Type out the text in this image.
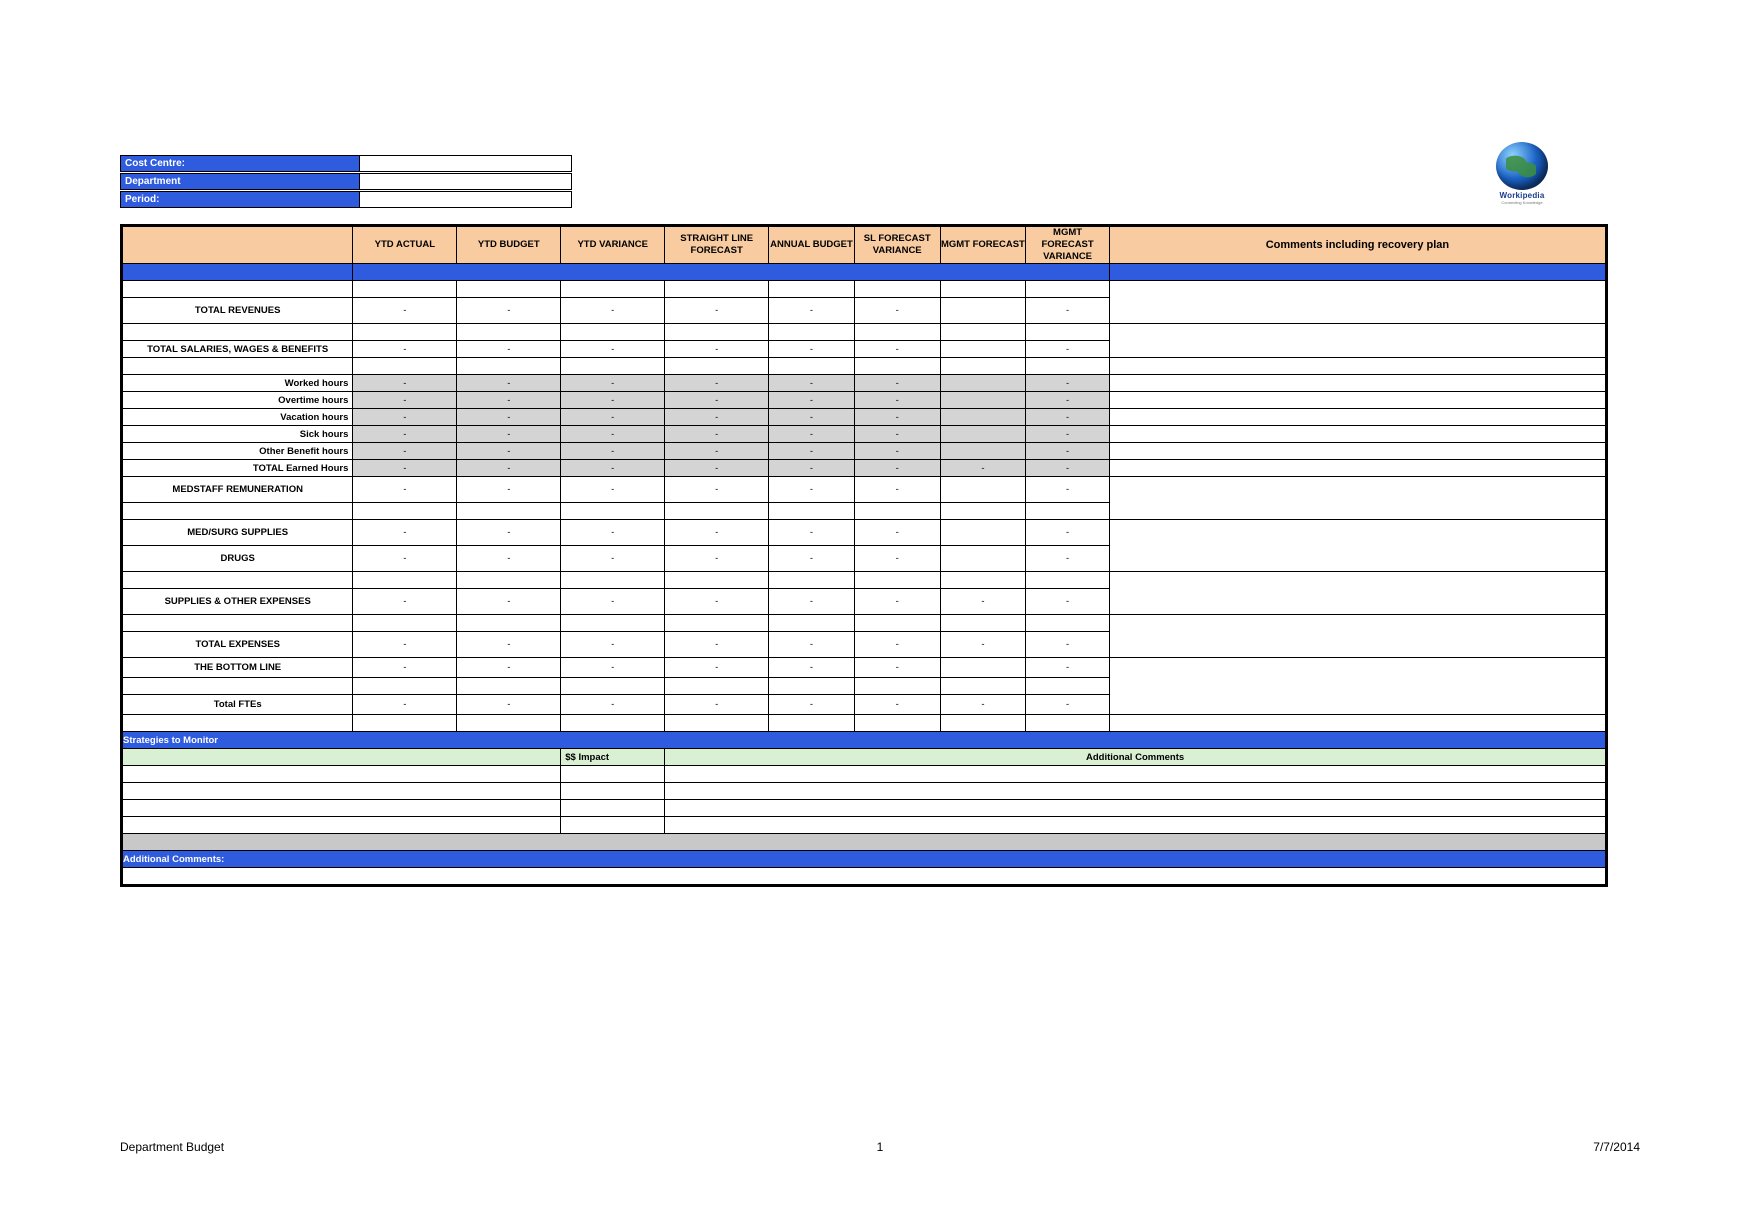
Cost Centre:
Department
Period:	Workipedia
Connecting Knowledge
	YTD ACTUAL	YTD BUDGET	YTD VARIANCE	STRAIGHT LINE FORECAST	ANNUAL BUDGET	SL FORECAST VARIANCE	MGMT FORECAST	MGMT FORECAST VARIANCE	Comments including recovery plan

TOTAL REVENUES	-	-	-	-	-	-		-	

TOTAL SALARIES, WAGES & BENEFITS	-	-	-	-	-	-		-	

Worked hours	-	-	-	-	-	-		-	
Overtime hours	-	-	-	-	-	-		-	
Vacation hours	-	-	-	-	-	-		-	
Sick hours	-	-	-	-	-	-		-	
Other Benefit hours	-	-	-	-	-	-		-	
TOTAL Earned Hours	-	-	-	-	-	-	-	-	
MEDSTAFF REMUNERATION	-	-	-	-	-	-		-	

MED/SURG SUPPLIES	-	-	-	-	-	-		-	
DRUGS	-	-	-	-	-	-		-	

SUPPLIES & OTHER EXPENSES	-	-	-	-	-	-	-	-	

TOTAL EXPENSES	-	-	-	-	-	-	-	-	
THE BOTTOM LINE	-	-	-	-	-	-		-	

Total FTEs	-	-	-	-	-	-	-	-	

Strategies to Monitor									
			$$ Impact	Additional Comments					

Additional Comments:									

Department Budget	1	7/7/2014
